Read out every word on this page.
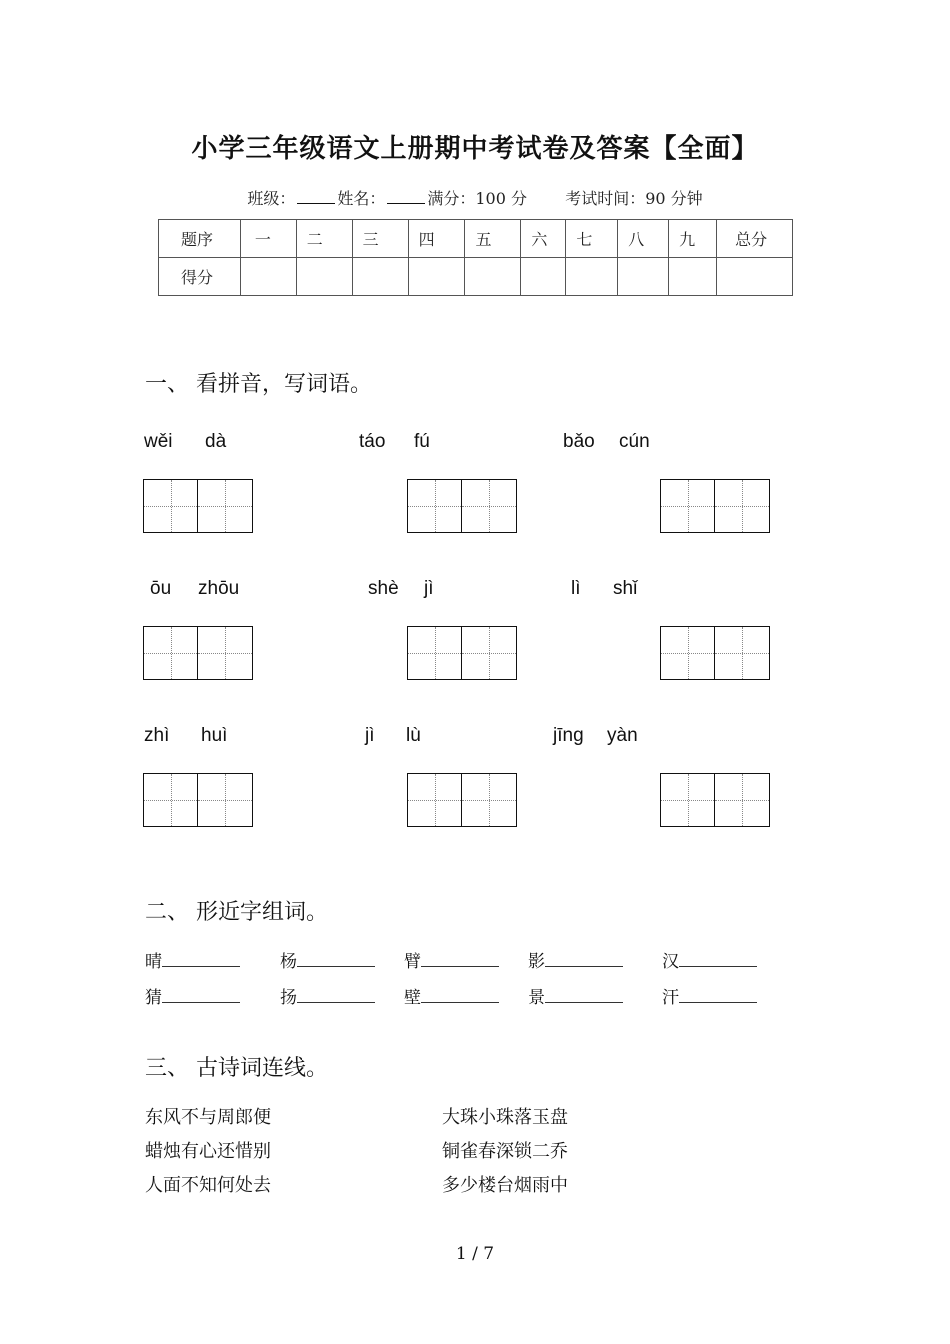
小学三年级语文上册期中考试卷及答案【全面】
班级：	姓名：	满分：100 分 考试时间：90 分钟
题序	一	二	三	四	五	六	七	八	九	总分
得分										
一、 看拼音，写词语。
wěi dà	táo fú	bǎo cún
ōu zhōu	shè jì	lì shǐ
zhì huì	jì lù	jīng yàn
二、 形近字组词。
晴	杨	臂	影	汉
猜	扬	壁	景	汗
三、 古诗词连线。
东风不与周郎便
蜡烛有心还惜别
人面不知何处去
大珠小珠落玉盘
铜雀春深锁二乔
多少楼台烟雨中
1 / 7
